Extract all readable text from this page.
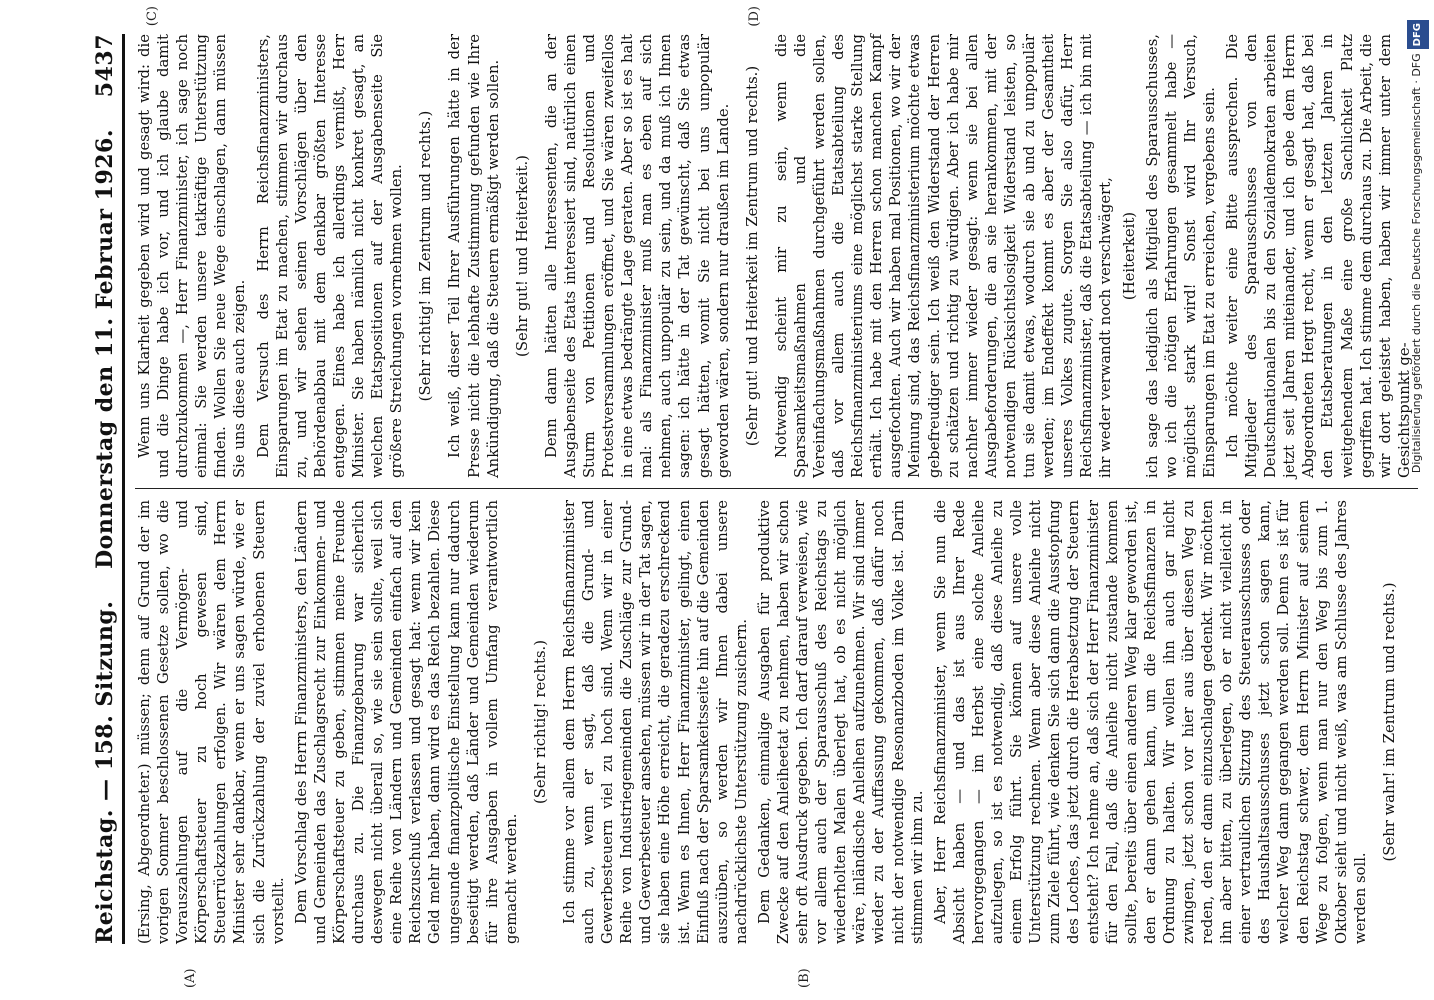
Reichstag. — 158. Sitzung.
Donnerstag den 11. Februar 1926.
5437
(A)	(B)
(C)	(D)

(Ersing, Abgeordneter.) müssen; denn auf Grund der im vorigen Sommer beschlossenen Gesetze sollen, wo die Vorauszahlungen auf die Vermögen- und Körperschaftsteuer zu hoch gewesen sind, Steuerrückzahlungen erfolgen. Wir wären dem Herrn Minister sehr dankbar, wenn er uns sagen würde, wie er sich die Zurückzahlung der zuviel erhobenen Steuern vorstellt. Dem Vorschlag des Herrn Finanzministers, den Ländern und Gemeinden das Zuschlagsrecht zur Einkommen- und Körperschaftsteuer zu geben, stimmen meine Freunde durchaus zu. Die Finanzgebarung war sicherlich deswegen nicht überall so, wie sie sein sollte, weil sich eine Reihe von Ländern und Gemeinden einfach auf den Reichszuschuß verlassen und gesagt hat: wenn wir kein Geld mehr haben, dann wird es das Reich bezahlen. Diese ungesunde finanzpolitische Einstellung kann nur dadurch beseitigt werden, daß Länder und Gemeinden wiederum für ihre Ausgaben in vollem Umfang verantwortlich gemacht werden.

(Sehr richtig! rechts.) Ich stimme vor allem dem Herrn Reichsfinanzminister auch zu, wenn er sagt, daß die Grund- und Gewerbesteuern viel zu hoch sind. Wenn wir in einer Reihe von Industriegemeinden die Zuschläge zur Grund- und Gewerbesteuer ansehen, müssen wir in der Tat sagen, sie haben eine Höhe erreicht, die geradezu erschreckend ist. Wenn es Ihnen, Herr Finanzminister, gelingt, einen Einfluß nach der Sparsamkeitsseite hin auf die Gemeinden auszuüben, so werden wir Ihnen dabei unsere nachdrücklichste Unterstützung zusichern. Dem Gedanken, einmalige Ausgaben für produktive Zwecke auf den Anleiheetat zu nehmen, haben wir schon sehr oft Ausdruck gegeben. Ich darf darauf verweisen, wie vor allem auch der Sparausschuß des Reichstags zu wiederholten Malen überlegt hat, ob es nicht möglich wäre, inländische Anleihen aufzunehmen. Wir sind immer wieder zu der Auffassung gekommen, daß dafür noch nicht der notwendige Resonanzboden im Volke ist. Darin stimmen wir ihm zu. Aber, Herr Reichsfinanzminister, wenn Sie nun die Absicht haben — und das ist aus Ihrer Rede hervorgegangen — im Herbst eine solche Anleihe aufzulegen, so ist es notwendig, daß diese Anleihe zu einem Erfolg führt. Sie können auf unsere volle Unterstützung rechnen. Wenn aber diese Anleihe nicht zum Ziele führt, wie denken Sie sich dann die Ausstopfung des Loches, das jetzt durch die Herabsetzung der Steuern entsteht? Ich nehme an, daß sich der Herr Finanzminister für den Fall, daß die Anleihe nicht zustande kommen sollte, bereits über einen anderen Weg klar geworden ist, den er dann gehen kann, um die Reichsfinanzen in Ordnung zu halten. Wir wollen ihn auch gar nicht zwingen, jetzt schon vor hier aus über diesen Weg zu reden, den er dann einzuschlagen gedenkt. Wir möchten ihn aber bitten, zu überlegen, ob er nicht vielleicht in einer vertraulichen Sitzung des Steuerausschusses oder des Haushaltsausschusses jetzt schon sagen kann, welcher Weg dann gegangen werden soll. Denn es ist für den Reichstag schwer, dem Herrn Minister auf seinem Wege zu folgen, wenn man nur den Weg bis zum 1. Oktober sieht und nicht weiß, was am Schlusse des Jahres werden soll.

(Sehr wahr! im Zentrum und rechts.)

Wenn uns Klarheit gegeben wird und gesagt wird: die und die Dinge habe ich vor, und ich glaube damit durchzukommen —, Herr Finanzminister, ich sage noch einmal: Sie werden unsere tatkräftige Unterstützung finden. Wollen Sie neue Wege einschlagen, dann müssen Sie uns diese auch zeigen. Dem Versuch des Herrn Reichsfinanzministers, Einsparungen im Etat zu machen, stimmen wir durchaus zu, und wir sehen seinen Vorschlägen über den Behördenabbau mit dem denkbar größten Interesse entgegen. Eines habe ich allerdings vermißt, Herr Minister. Sie haben nämlich nicht konkret gesagt, an welchen Etatspositionen auf der Ausgabenseite Sie größere Streichungen vornehmen wollen. (Sehr richtig! im Zentrum und rechts.) Ich weiß, dieser Teil Ihrer Ausführungen hätte in der Presse nicht die lebhafte Zustimmung gefunden wie Ihre Ankündigung, daß die Steuern ermäßigt werden sollen. (Sehr gut! und Heiterkeit.) Denn dann hätten alle Interessenten, die an der Ausgabenseite des Etats interessiert sind, natürlich einen Sturm von Petitionen und Resolutionen und Protestversammlungen eröffnet, und Sie wären zweifellos in eine etwas bedrängte Lage geraten. Aber so ist es halt mal: als Finanzminister muß man es eben auf sich nehmen, auch unpopulär zu sein, und da muß ich Ihnen sagen: ich hätte in der Tat gewünscht, daß Sie etwas gesagt hätten, womit Sie nicht bei uns unpopulär geworden wären, sondern nur draußen im Lande. (Sehr gut! und Heiterkeit im Zentrum und rechts.) Notwendig scheint mir zu sein, wenn die Sparsamkeitsmaßnahmen und die Vereinfachungsmaßnahmen durchgeführt werden sollen, daß vor allem auch die Etatsabteilung des Reichsfinanzministeriums eine möglichst starke Stellung erhält. Ich habe mit den Herren schon manchen Kampf ausgefochten. Auch wir haben mal Positionen, wo wir der Meinung sind, das Reichsfinanzministerium möchte etwas gebefreudiger sein. Ich weiß den Widerstand der Herren zu schätzen und richtig zu würdigen. Aber ich habe mir nachher immer wieder gesagt: wenn sie bei allen Ausgabeforderungen, die an sie herankommen, mit der notwendigen Rücksichtslosigkeit Widerstand leisten, so tun sie damit etwas, wodurch sie ab und zu unpopulär werden; im Endeffekt kommt es aber der Gesamtheit unseres Volkes zugute. Sorgen Sie also dafür, Herr Reichsfinanzminister, daß die Etatsabteilung — ich bin mit ihr weder verwandt noch verschwägert, (Heiterkeit) ich sage das lediglich als Mitglied des Sparausschusses, wo ich die nötigen Erfahrungen gesammelt habe — möglichst stark wird! Sonst wird Ihr Versuch, Einsparungen im Etat zu erreichen, vergebens sein. Ich möchte weiter eine Bitte aussprechen. Die Mitglieder des Sparausschusses von den Deutschnationalen bis zu den Sozialdemokraten arbeiten jetzt seit Jahren miteinander, und ich gebe dem Herrn Abgeordneten Hergt recht, wenn er gesagt hat, daß bei den Etatsberatungen in den letzten Jahren in weitgehendem Maße eine große Sachlichkeit Platz gegriffen hat. Ich stimme dem durchaus zu. Die Arbeit, die wir dort geleistet haben, haben wir immer unter dem Gesichtspunkt ge-

Digitalisierung gefördert durch die Deutsche Forschungsgemeinschaft · DFGDFG
